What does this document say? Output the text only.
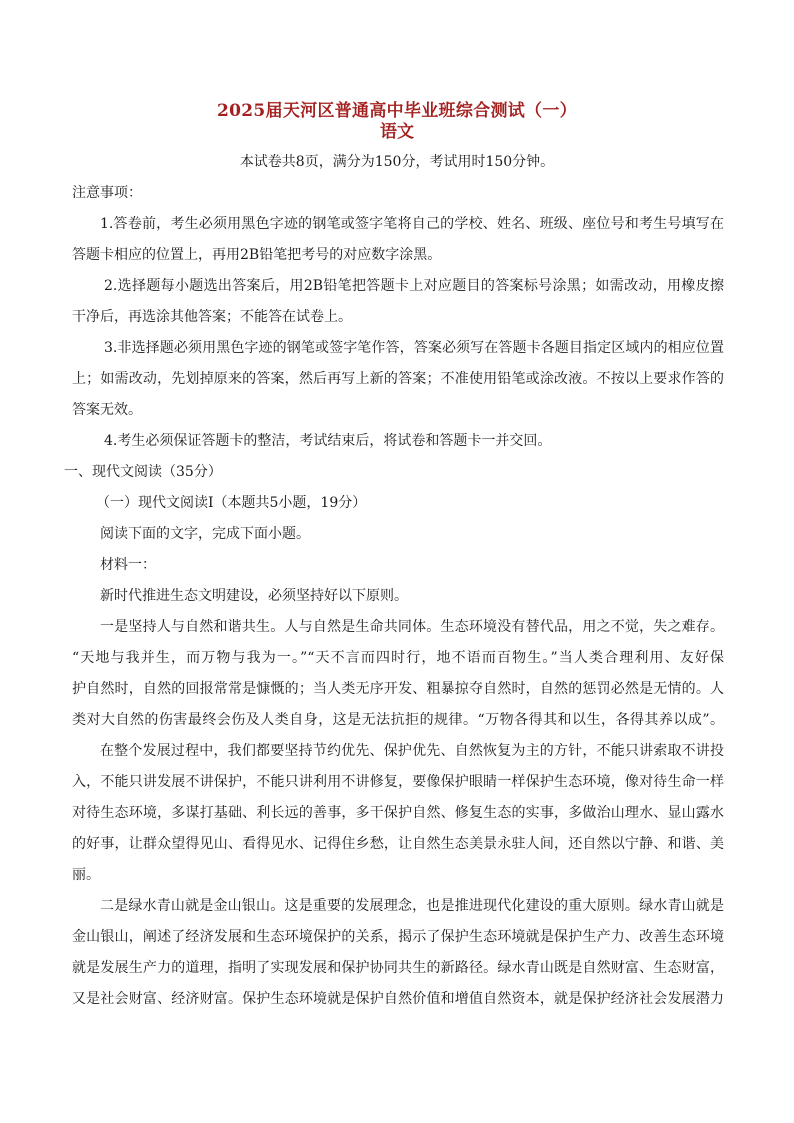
2025届天河区普通高中毕业班综合测试（一）
语文
本试卷共8页，满分为150分，考试用时150分钟。
注意事项：
1.答卷前，考生必须用黑色字迹的钢笔或签字笔将自己的学校、姓名、班级、座位号和考生号填写在
答题卡相应的位置上，再用2B铅笔把考号的对应数字涂黑。
2.选择题每小题选出答案后，用2B铅笔把答题卡上对应题目的答案标号涂黑；如需改动，用橡皮擦
干净后，再选涂其他答案；不能答在试卷上。
3.非选择题必须用黑色字迹的钢笔或签字笔作答，答案必须写在答题卡各题目指定区域内的相应位置
上；如需改动，先划掉原来的答案，然后再写上新的答案；不准使用铅笔或涂改液。不按以上要求作答的
答案无效。
4.考生必须保证答题卡的整洁，考试结束后，将试卷和答题卡一并交回。
一、现代文阅读（35分）
（一）现代文阅读Ⅰ（本题共5小题，19分）
阅读下面的文字，完成下面小题。
材料一：
新时代推进生态文明建设，必须坚持好以下原则。
一是坚持人与自然和谐共生。人与自然是生命共同体。生态环境没有替代品，用之不觉，失之难存。
“天地与我并生，而万物与我为一。”“天不言而四时行，地不语而百物生。”当人类合理利用、友好保
护自然时，自然的回报常常是慷慨的；当人类无序开发、粗暴掠夺自然时，自然的惩罚必然是无情的。人
类对大自然的伤害最终会伤及人类自身，这是无法抗拒的规律。“万物各得其和以生，各得其养以成”。
在整个发展过程中，我们都要坚持节约优先、保护优先、自然恢复为主的方针，不能只讲索取不讲投
入，不能只讲发展不讲保护，不能只讲利用不讲修复，要像保护眼睛一样保护生态环境，像对待生命一样
对待生态环境，多谋打基础、利长远的善事，多干保护自然、修复生态的实事，多做治山理水、显山露水
的好事，让群众望得见山、看得见水、记得住乡愁，让自然生态美景永驻人间，还自然以宁静、和谐、美
丽。
二是绿水青山就是金山银山。这是重要的发展理念，也是推进现代化建设的重大原则。绿水青山就是
金山银山，阐述了经济发展和生态环境保护的关系，揭示了保护生态环境就是保护生产力、改善生态环境
就是发展生产力的道理，指明了实现发展和保护协同共生的新路径。绿水青山既是自然财富、生态财富，
又是社会财富、经济财富。保护生态环境就是保护自然价值和增值自然资本，就是保护经济社会发展潜力
